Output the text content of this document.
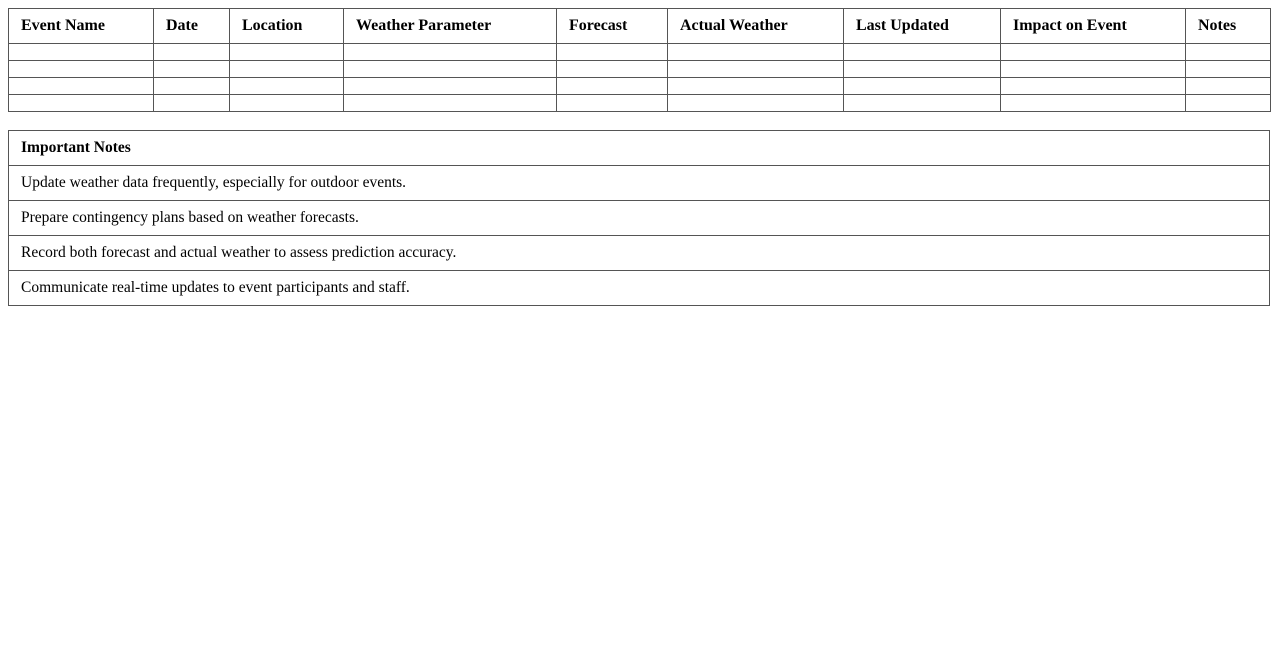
Event Name	Date	Location	Weather Parameter	Forecast	Actual Weather	Last Updated	Impact on Event	Notes

Important Notes
Update weather data frequently, especially for outdoor events.
Prepare contingency plans based on weather forecasts.
Record both forecast and actual weather to assess prediction accuracy.
Communicate real-time updates to event participants and staff.
